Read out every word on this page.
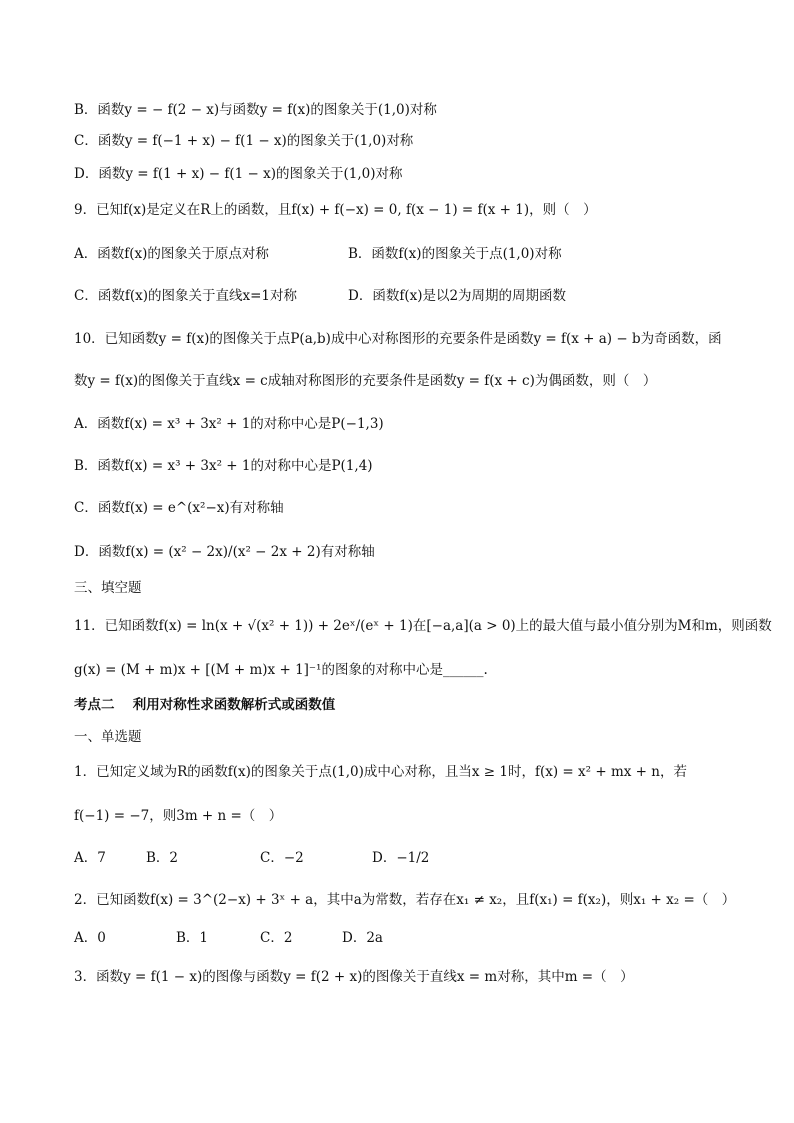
B．函数y = − f(2 − x)与函数y = f(x)的图象关于(1,0)对称
C．函数y = f(−1 + x) − f(1 − x)的图象关于(1,0)对称
D．函数y = f(1 + x) − f(1 − x)的图象关于(1,0)对称
9．已知f(x)是定义在R上的函数，且f(x) + f(−x) = 0, f(x − 1) = f(x + 1)，则（　）
A．函数f(x)的图象关于原点对称	B．函数f(x)的图象关于点(1,0)对称
C．函数f(x)的图象关于直线x=1对称	D．函数f(x)是以2为周期的周期函数
10．已知函数y = f(x)的图像关于点P(a,b)成中心对称图形的充要条件是函数y = f(x + a) − b为奇函数，函
数y = f(x)的图像关于直线x = c成轴对称图形的充要条件是函数y = f(x + c)为偶函数，则（　）
A．函数f(x) = x³ + 3x² + 1的对称中心是P(−1,3)
B．函数f(x) = x³ + 3x² + 1的对称中心是P(1,4)
C．函数f(x) = e^(x²−x)有对称轴
D．函数f(x) = (x² − 2x)/(x² − 2x + 2)有对称轴
三、填空题
11．已知函数f(x) = ln(x + √(x² + 1)) + 2eˣ/(eˣ + 1)在[−a,a](a > 0)上的最大值与最小值分别为M和m，则函数
g(x) = (M + m)x + [(M + m)x + 1]⁻¹的图象的对称中心是______.
考点二　 利用对称性求函数解析式或函数值
一、单选题
1．已知定义域为R的函数f(x)的图象关于点(1,0)成中心对称，且当x ≥ 1时，f(x) = x² + mx + n，若
f(−1) = −7，则3m + n =（　）
A．7	B．2	C．−2	D．−1/2
2．已知函数f(x) = 3^(2−x) + 3ˣ + a，其中a为常数，若存在x₁ ≠ x₂，且f(x₁) = f(x₂)，则x₁ + x₂ =（　）
A．0	B．1	C．2	D．2a
3．函数y = f(1 − x)的图像与函数y = f(2 + x)的图像关于直线x = m对称，其中m =（　）
